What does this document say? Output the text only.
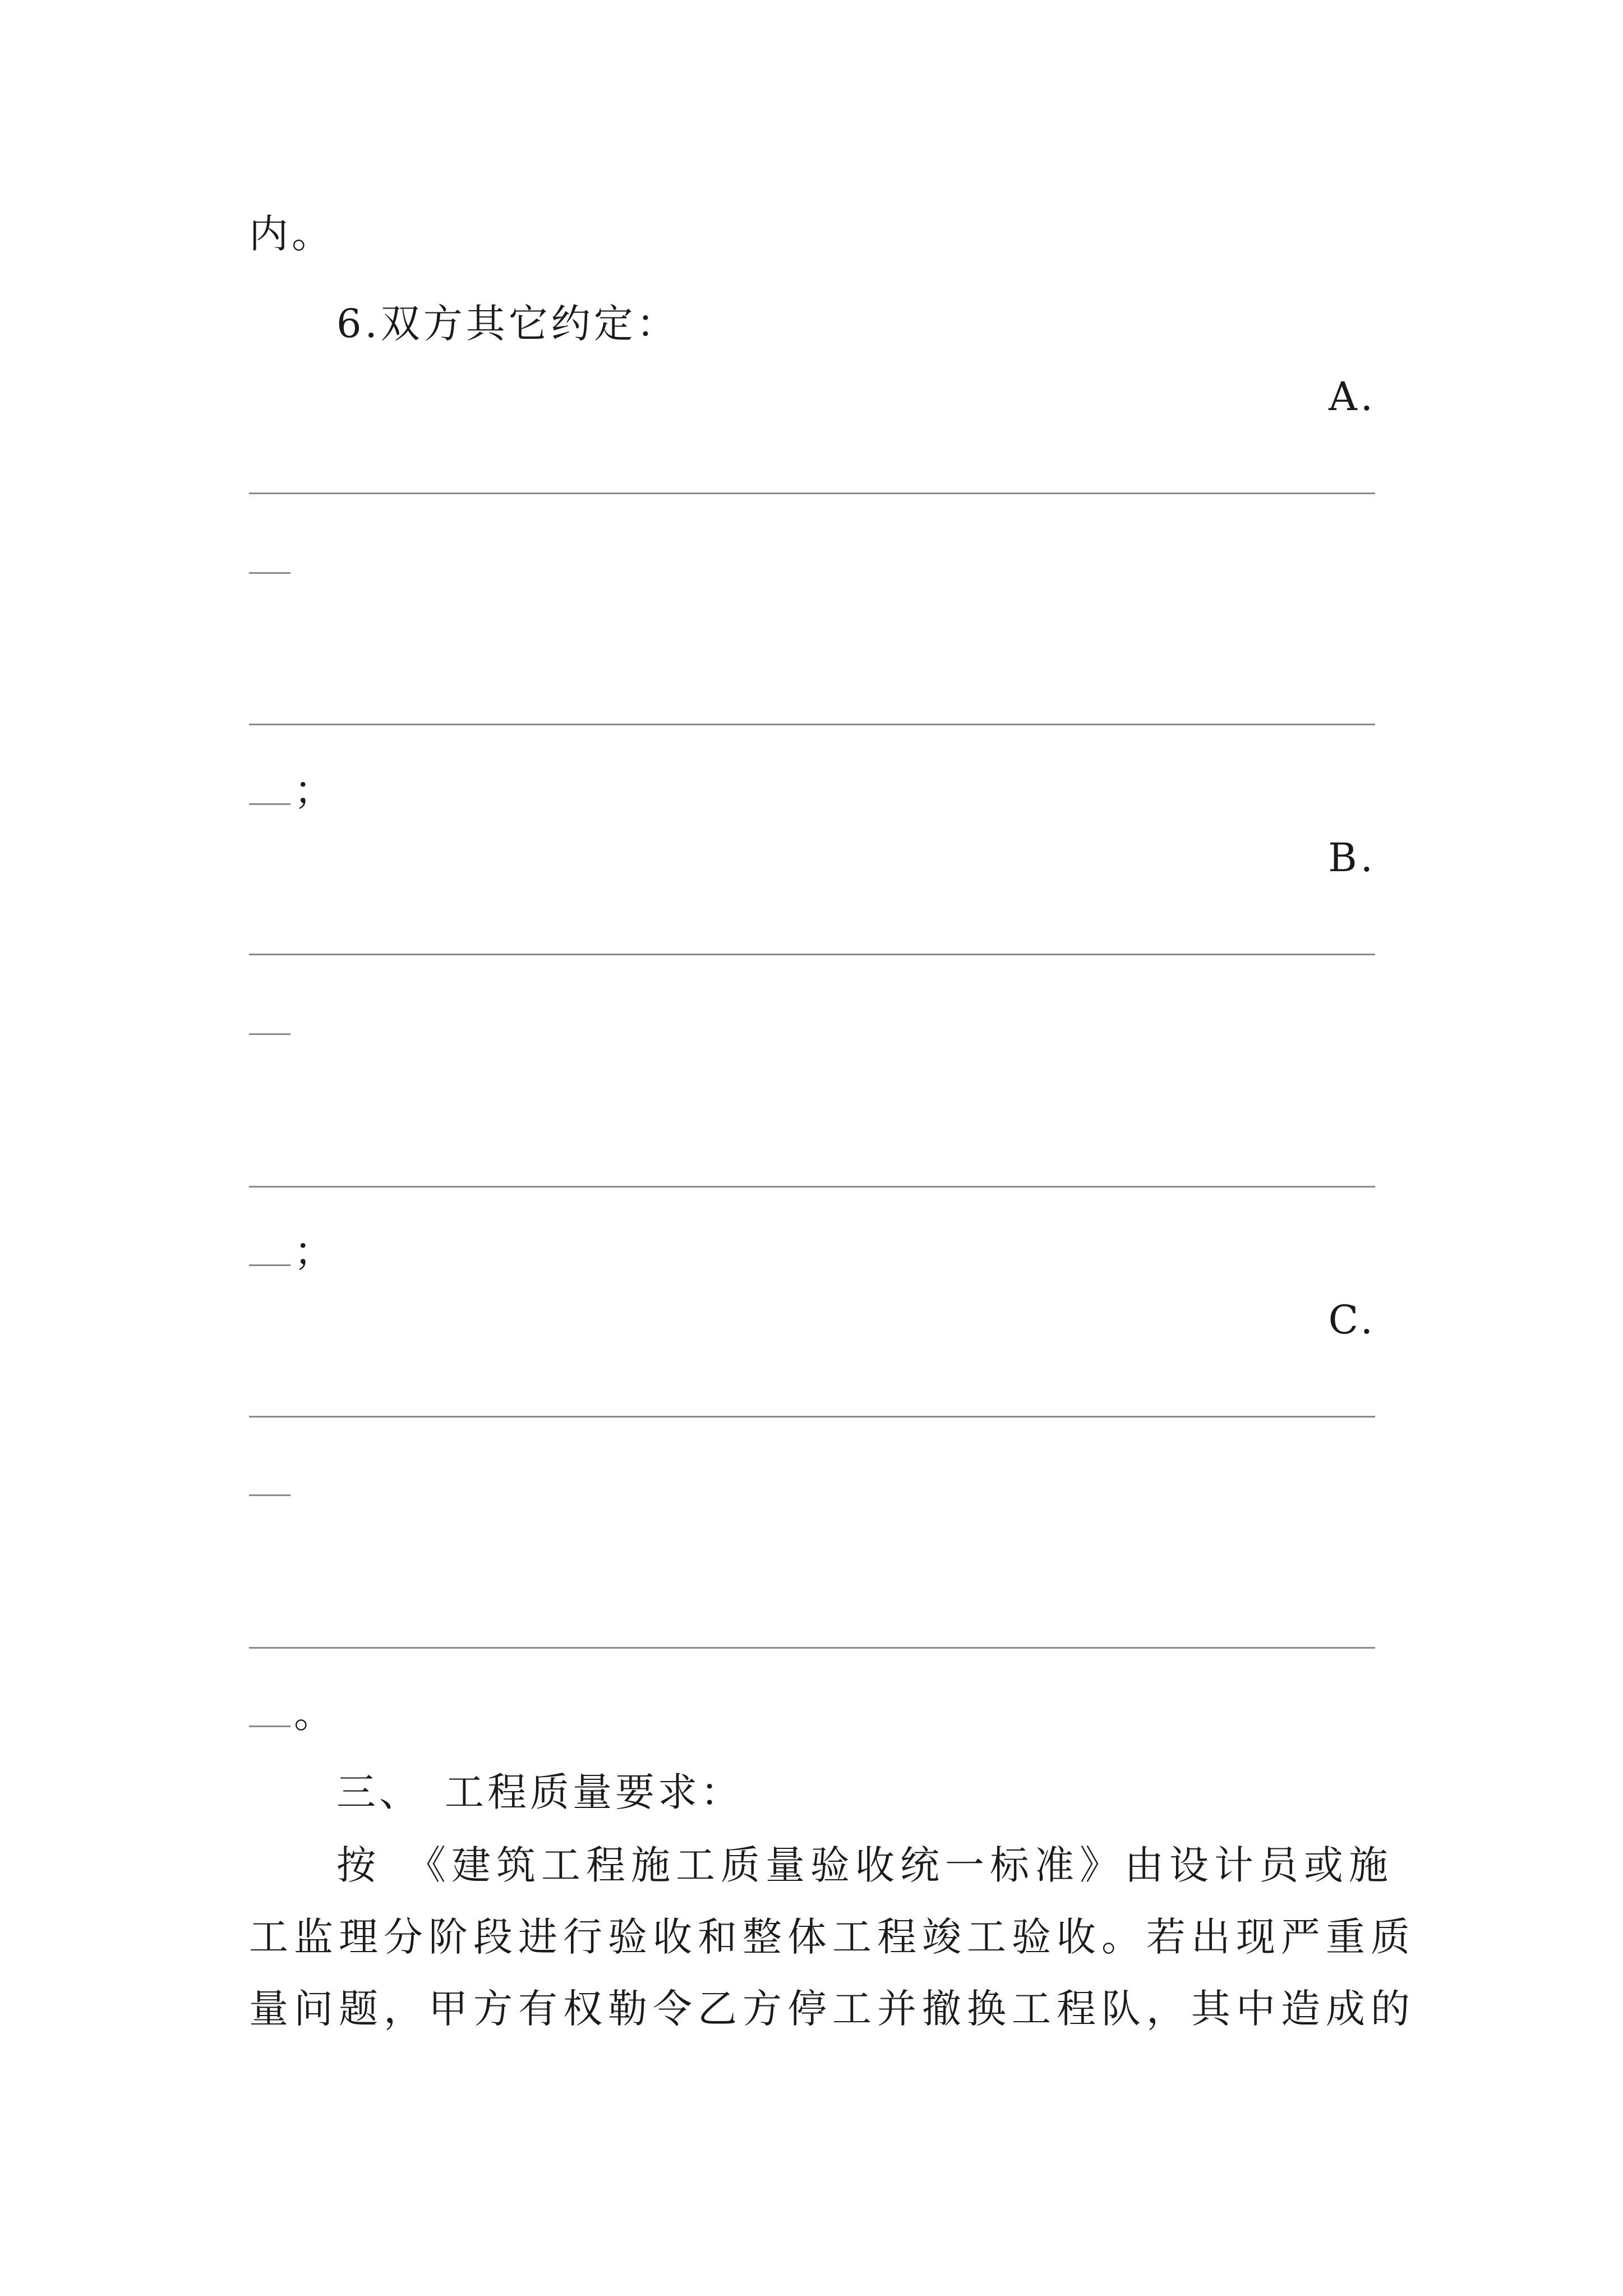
内。
6.双方其它约定：
A.
；
B.
；
C.
。
三、　工程质量要求：
按　《建筑工程施工质量验收统一标准》由设计员或施
工监理分阶段进行验收和整体工程竣工验收。若出现严重质
量问题，甲方有权勒令乙方停工并撤换工程队，其中造成的
